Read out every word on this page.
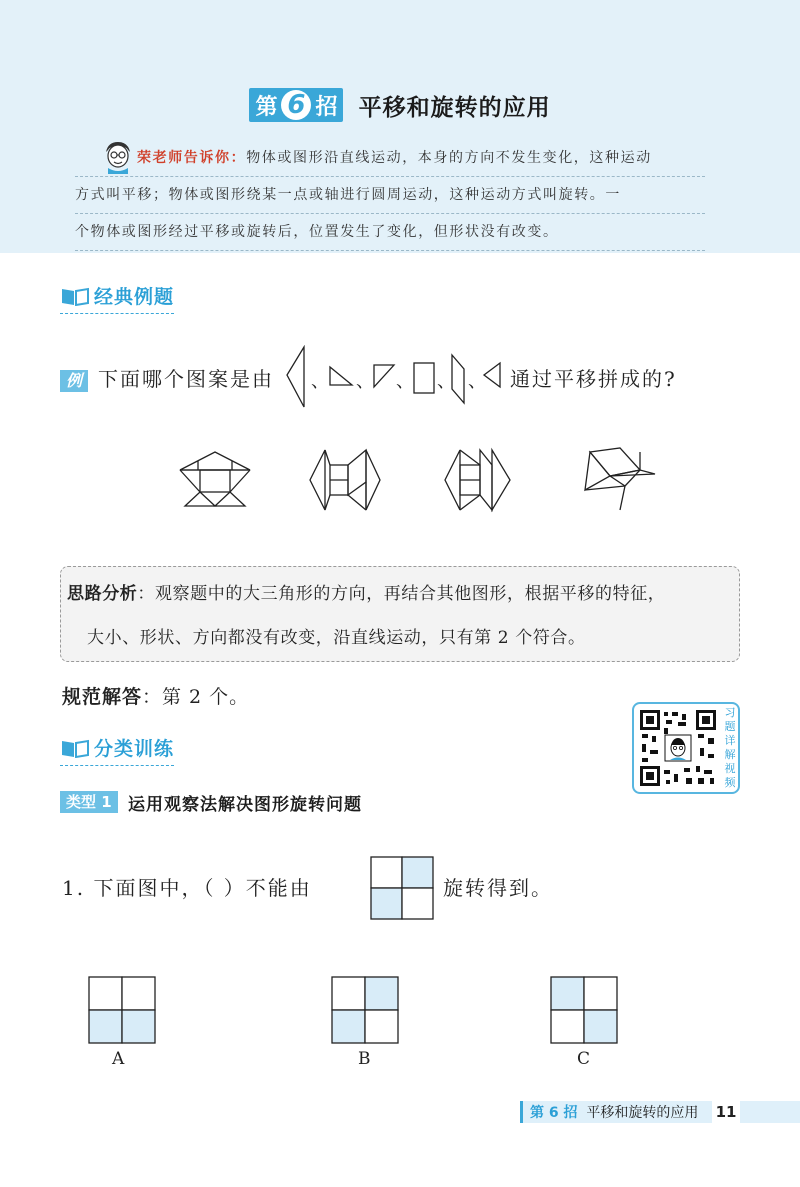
第 6 招 平移和旋转的应用
荣老师告诉你：物体或图形沿直线运动，本身的方向不发生变化，这种运动
方式叫平移；物体或图形绕某一点或轴进行圆周运动，这种运动方式叫旋转。一
个物体或图形经过平移或旋转后，位置发生了变化，但形状没有改变。
经典例题
例 下面哪个图案是由 、 、 、 、 、 通过平移拼成的?
思路分析：观察题中的大三角形的方向，再结合其他图形，根据平移的特征，
大小、形状、方向都没有改变，沿直线运动，只有第 2 个符合。
规范解答：第 2 个。
习
题
详
解
视
频
分类训练
类型 1 运用观察法解决图形旋转问题
1. 下面图中，（ ）不能由	旋转得到。
A	B	C
第 6 招 平移和旋转的应用 11
